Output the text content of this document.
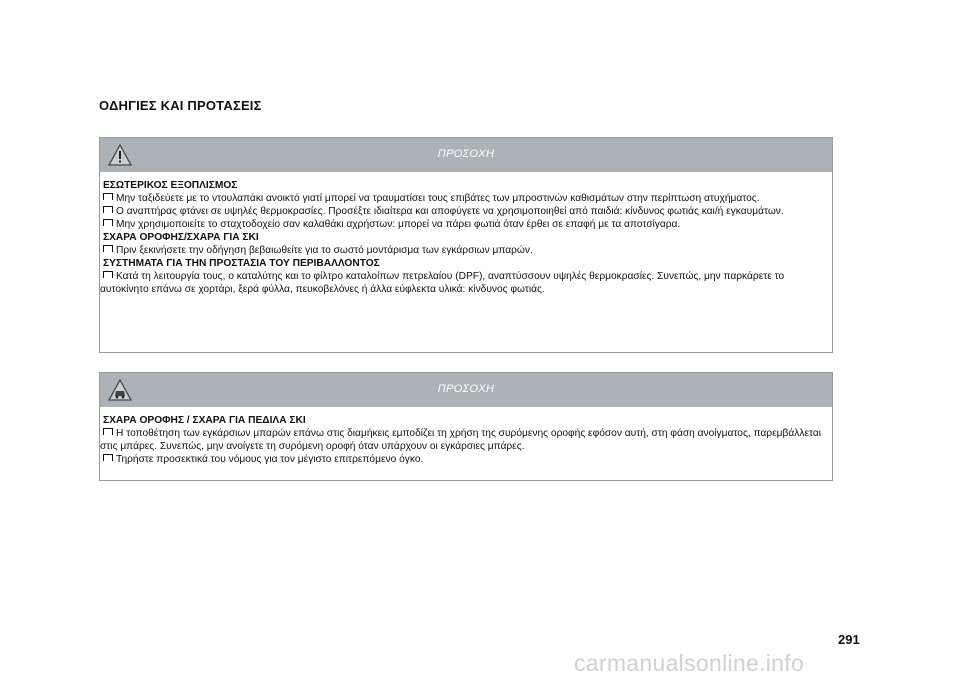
ΟΔΗΓΙΕΣ ΚΑΙ ΠΡΟΤΑΣΕΙΣ
ΠΡΟΣΟΧΗ
ΕΣΩΤΕΡΙΚΟΣ ΕΞΟΠΛΙΣΜΟΣ
Μην ταξιδεύετε με το ντουλαπάκι ανοικτό γιατί μπορεί να τραυματίσει τους επιβάτες των μπροστινών καθισμάτων στην περίπτωση ατυχήματος.
Ο αναπτήρας φτάνει σε υψηλές θερμοκρασίες. Προσέξτε ιδιαίτερα και αποφύγετε να χρησιμοποιηθεί από παιδιά: κίνδυνος φωτιάς και/ή εγκαυμάτων.
Μην χρησιμοποιείτε το σταχτοδοχείο σαν καλαθάκι αχρήστων: μπορεί να πάρει φωτιά όταν έρθει σε επαφή με τα αποτσίγαρα.
ΣΧΑΡΑ ΟΡΟΦΗΣ/ΣΧΑΡΑ ΓΙΑ ΣΚΙ
Πριν ξεκινήσετε την οδήγηση βεβαιωθείτε για το σωστό μοντάρισμα των εγκάρσιων μπαρών.
ΣΥΣΤΗΜΑΤΑ ΓΙΑ ΤΗΝ ΠΡΟΣΤΑΣΙΑ ΤΟΥ ΠΕΡΙΒΑΛΛΟΝΤΟΣ
Κατά τη λειτουργία τους, ο καταλύτης και το φίλτρο καταλοίπων πετρελαίου (DPF), αναπτύσσουν υψηλές θερμοκρασίες. Συνεπώς, μην παρκάρετε το αυτοκίνητο επάνω σε χορτάρι, ξερά φύλλα, πευκοβελόνες ή άλλα εύφλεκτα υλικά: κίνδυνος φωτιάς.
ΠΡΟΣΟΧΗ
ΣΧΑΡΑ ΟΡΟΦΗΣ / ΣΧΑΡΑ ΓΙΑ ΠΕΔΙΛΑ ΣΚΙ
Η τοποθέτηση των εγκάρσιων μπαρών επάνω στις διαμήκεις εμποδίζει τη χρήση της συρόμενης οροφής εφόσον αυτή, στη φάση ανοίγματος, παρεμβάλλεται στις μπάρες. Συνεπώς, μην ανοίγετε τη συρόμενη οροφή όταν υπάρχουν οι εγκάρσιες μπάρες.
Τηρήστε προσεκτικά του νόμους για τον μέγιστο επιτρεπόμενο όγκο.
291
carmanualsonline.info
